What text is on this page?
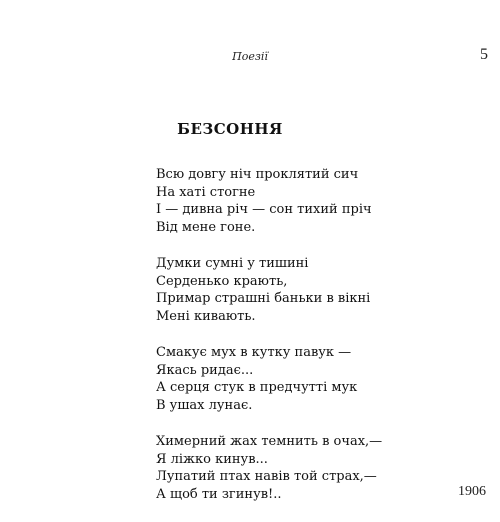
Поезії	5
БЕЗСОННЯ
Всю довгу ніч проклятий сич
На хаті стогне
І — дивна річ — сон тихий пріч
Від мене гоне.
Думки сумні у тишині
Серденько крають,
Примар страшні баньки в вікні
Мені кивають.
Смакує мух в кутку павук —
Якась ридає...
А серця стук в предчутті мук
В ушах лунає.
Химерний жах темнить в очах,—
Я ліжко кинув...
Лупатий птах навів той страх,—
А щоб ти згинув!..	1906
